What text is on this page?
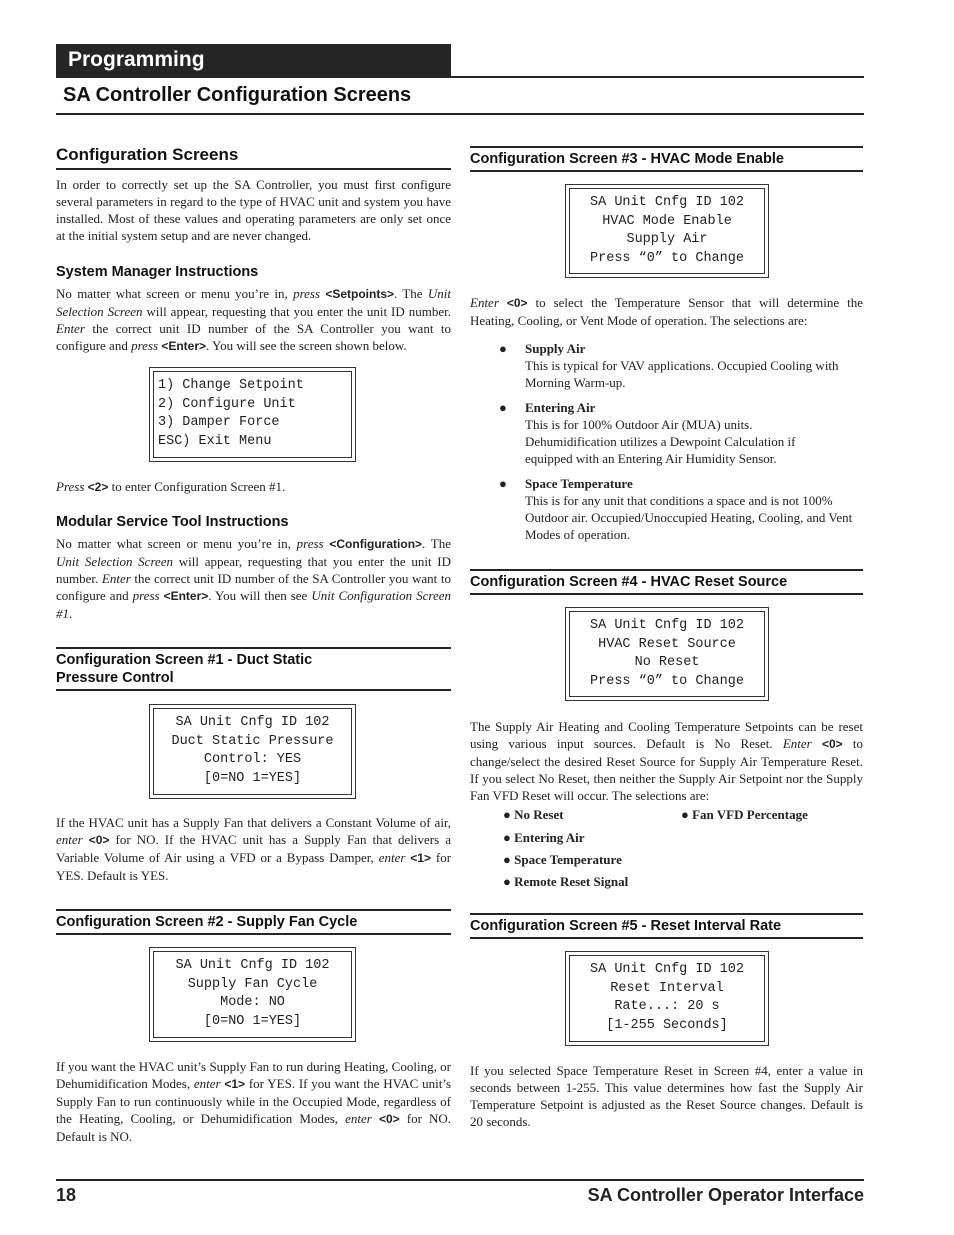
Programming
SA Controller Configuration Screens
Configuration Screens

In order to correctly set up the SA Controller, you must first configure several parameters in regard to the type of HVAC unit and system you have installed. Most of these values and operating parameters are only set once at the initial system setup and are never changed.

System Manager Instructions

No matter what screen or menu you’re in, press <Setpoints>. The Unit Selection Screen will appear, requesting that you enter the unit ID number. Enter the correct unit ID number of the SA Controller you want to configure and press <Enter>. You will see the screen shown below.

1) Change Setpoint
2) Configure Unit
3) Damper Force
ESC) Exit Menu

Press <2> to enter Configuration Screen #1.

Modular Service Tool Instructions

No matter what screen or menu you’re in, press <Configuration>. The Unit Selection Screen will appear, requesting that you enter the unit ID number. Enter the correct unit ID number of the SA Controller you want to configure and press <Enter>. You will then see Unit Configuration Screen #1.

Configuration Screen #1 - Duct Static
Pressure Control
SA Unit Cnfg ID 102
Duct Static Pressure
Control: YES
[0=NO 1=YES]

If the HVAC unit has a Supply Fan that delivers a Constant Volume of air, enter <0> for NO. If the HVAC unit has a Supply Fan that delivers a Variable Volume of Air using a VFD or a Bypass Damper, enter <1> for YES. Default is YES.

Configuration Screen #2 - Supply Fan Cycle
SA Unit Cnfg ID 102
Supply Fan Cycle
Mode: NO
[0=NO 1=YES]

If you want the HVAC unit’s Supply Fan to run during Heating, Cooling, or Dehumidification Modes, enter <1> for YES. If you want the HVAC unit’s Supply Fan to run continuously while in the Occupied Mode, regardless of the Heating, Cooling, or Dehumidification Modes, enter <0> for NO. Default is NO.

Configuration Screen #3 - HVAC Mode Enable
SA Unit Cnfg ID 102
HVAC Mode Enable
Supply Air
Press “0” to Change

Enter <0> to select the Temperature Sensor that will determine the Heating, Cooling, or Vent Mode of operation. The selections are:

● Supply Air
This is typical for VAV applications. Occupied Cooling with Morning Warm-up.
● Entering Air
This is for 100% Outdoor Air (MUA) units. Dehumidification utilizes a Dewpoint Calculation if equipped with an Entering Air Humidity Sensor.
● Space Temperature
This is for any unit that conditions a space and is not 100% Outdoor air. Occupied/Unoccupied Heating, Cooling, and Vent Modes of operation.
Configuration Screen #4 - HVAC Reset Source
SA Unit Cnfg ID 102
HVAC Reset Source
No Reset
Press “0” to Change

The Supply Air Heating and Cooling Temperature Setpoints can be reset using various input sources. Default is No Reset. Enter <0> to change/select the desired Reset Source for Supply Air Temperature Reset. If you select No Reset, then neither the Supply Air Setpoint nor the Supply Fan VFD Reset will occur. The selections are:

● No Reset
● Entering Air
● Space Temperature
● Remote Reset Signal
● Fan VFD Percentage
Configuration Screen #5 - Reset Interval Rate
SA Unit Cnfg ID 102
Reset Interval
Rate...: 20 s
[1-255 Seconds]

If you selected Space Temperature Reset in Screen #4, enter a value in seconds between 1-255. This value determines how fast the Supply Air Temperature Setpoint is adjusted as the Reset Source changes. Default is 20 seconds.

18	SA Controller Operator Interface
